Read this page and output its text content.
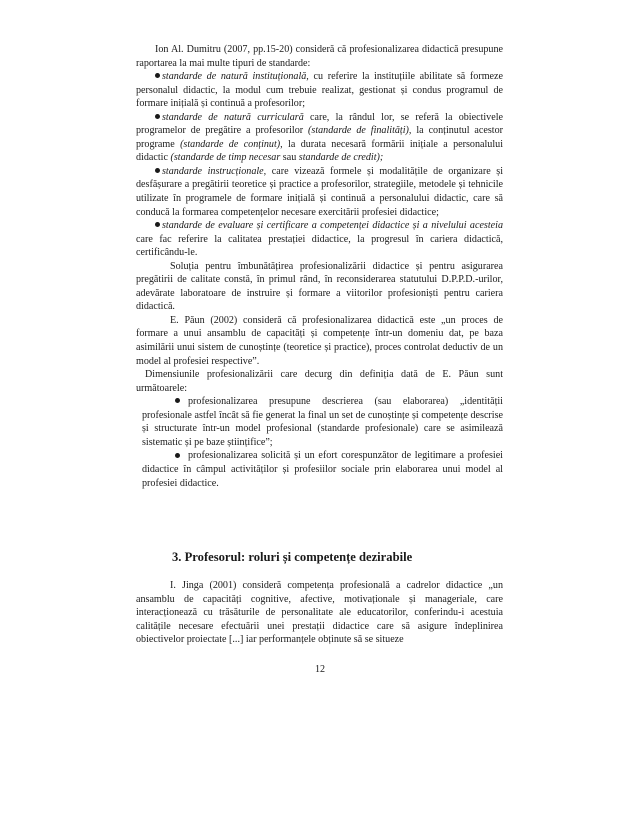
Ion Al. Dumitru (2007, pp.15-20) consideră că profesionalizarea didactică presupune raportarea la mai multe tipuri de standarde:

standarde de natură instituțională, cu referire la instituțiile abilitate să formeze personalul didactic, la modul cum trebuie realizat, gestionat și condus programul de formare inițială și continuă a profesorilor;

standarde de natură curriculară care, la rândul lor, se referă la obiectivele programelor de pregătire a profesorilor (standarde de finalități), la conținutul acestor programe (standarde de conținut), la durata necesară formării inițiale a personalului didactic (standarde de timp necesar sau standarde de credit);

standarde instrucționale, care vizează formele și modalitățile de organizare și desfășurare a pregătirii teoretice și practice a profesorilor, strategiile, metodele și tehnicile utilizate în programele de formare inițială și continuă a personalului didactic, care să conducă la formarea competențelor necesare exercitării profesiei didactice;

standarde de evaluare și certificare a competenței didactice și a nivelului acesteia care fac referire la calitatea prestației didactice, la progresul în cariera didactică, certificându-le.

Soluția pentru îmbunătățirea profesionalizării didactice și pentru asigurarea pregătirii de calitate constă, în primul rând, în reconsiderarea statutului D.P.P.D.-urilor, adevărate laboratoare de instruire și formare a viitorilor profesioniști pentru cariera didactică.

E. Păun (2002) consideră că profesionalizarea didactică este „un proces de formare a unui ansamblu de capacități și competențe într-un domeniu dat, pe baza asimilării unui sistem de cunoștințe (teoretice și practice), proces controlat deductiv de un model al profesiei respective”.

Dimensiunile profesionalizării care decurg din definiția dată de E. Păun sunt următoarele:

profesionalizarea presupune descrierea (sau elaborarea) „identității profesionale astfel încât să fie generat la final un set de cunoștințe și competențe descrise și structurate într-un model profesional (standarde profesionale) care se asimilează sistematic și pe baze științifice”;

profesionalizarea solicită și un efort corespunzător de legitimare a profesiei didactice în câmpul activităților și profesiilor sociale prin elaborarea unui model al profesiei didactice.

3. Profesorul: roluri și competențe dezirabile

I. Jinga (2001) consideră competența profesională a cadrelor didactice „un ansamblu de capacități cognitive, afective, motivaționale și manageriale, care interacționează cu trăsăturile de personalitate ale educatorilor, conferindu-i acestuia calitățile necesare efectuării unei prestații didactice care să asigure îndeplinirea obiectivelor proiectate [...] iar performanțele obținute să se situeze

12
